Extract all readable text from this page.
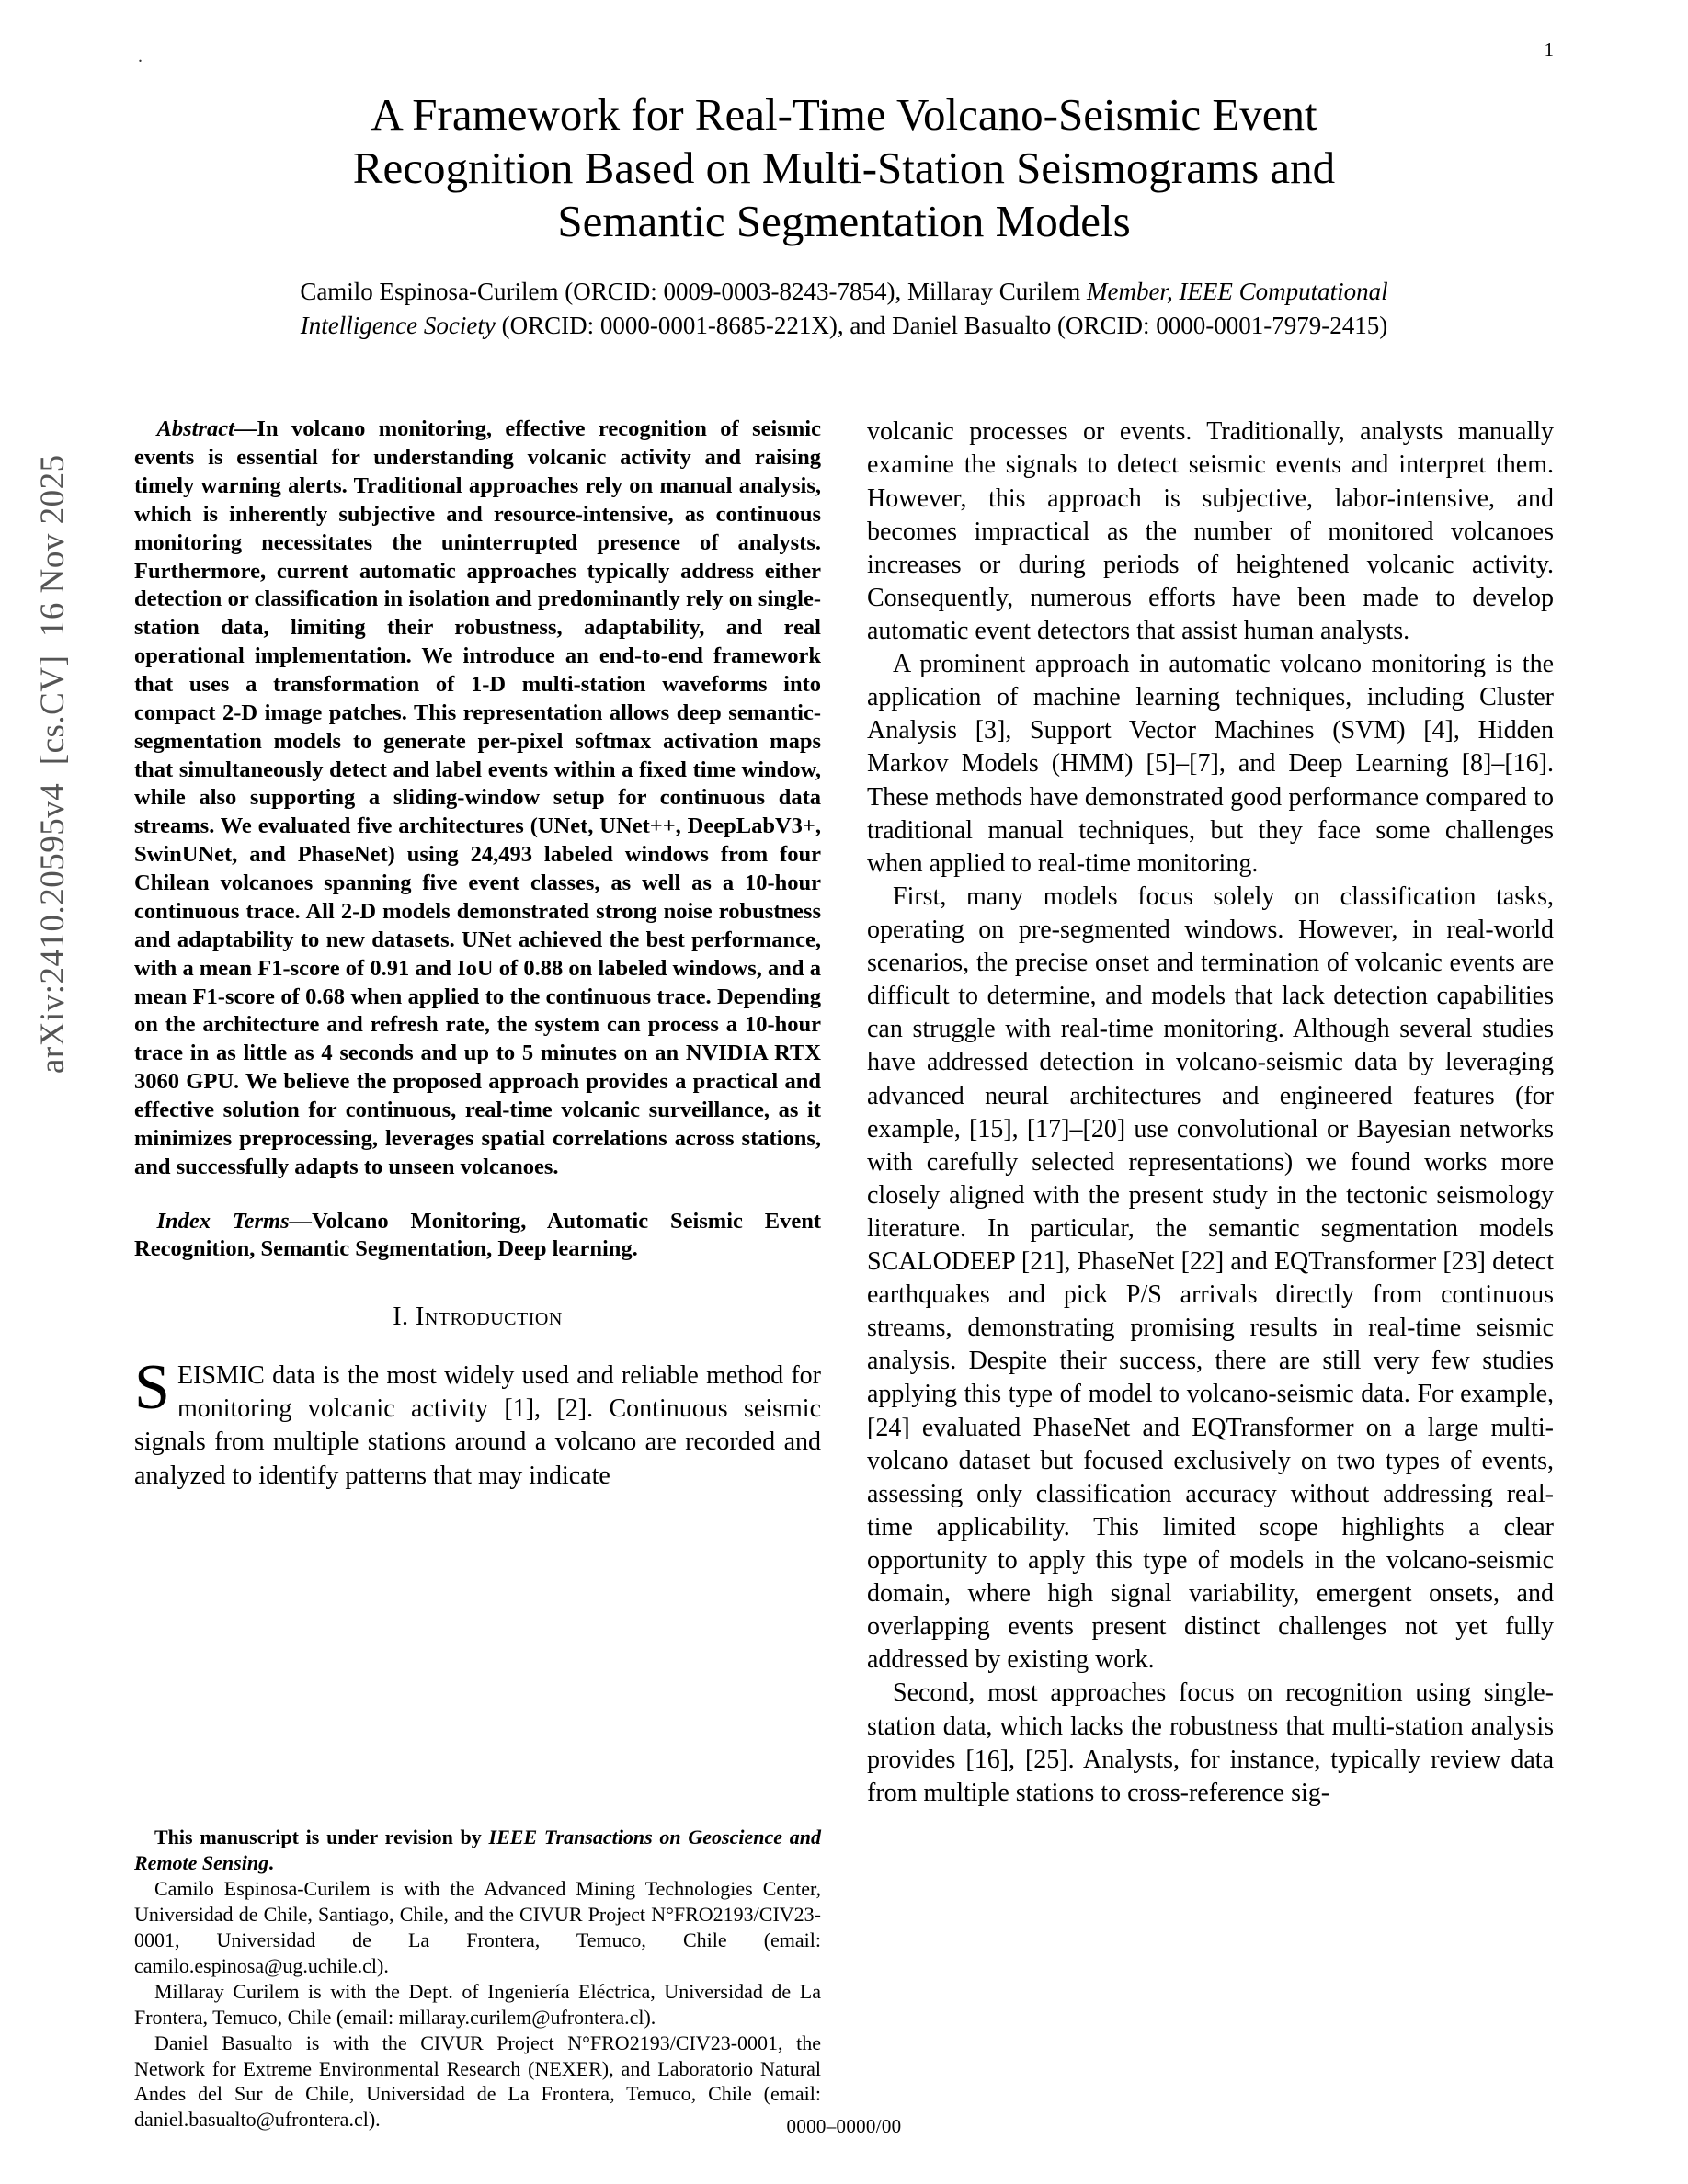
.	1
arXiv:2410.20595v4  [cs.CV]  16 Nov 2025
A Framework for Real-Time Volcano-Seismic Event Recognition Based on Multi-Station Seismograms and Semantic Segmentation Models

Camilo Espinosa-Curilem (ORCID: 0009-0003-8243-7854), Millaray Curilem Member, IEEE Computational Intelligence Society (ORCID: 0000-0001-8685-221X), and Daniel Basualto (ORCID: 0000-0001-7979-2415)

Abstract—In volcano monitoring, effective recognition of seismic events is essential for understanding volcanic activity and raising timely warning alerts. Traditional approaches rely on manual analysis, which is inherently subjective and resource-intensive, as continuous monitoring necessitates the uninterrupted presence of analysts. Furthermore, current automatic approaches typically address either detection or classification in isolation and predominantly rely on single-station data, limiting their robustness, adaptability, and real operational implementation. We introduce an end-to-end framework that uses a transformation of 1-D multi-station waveforms into compact 2-D image patches. This representation allows deep semantic-segmentation models to generate per-pixel softmax activation maps that simultaneously detect and label events within a fixed time window, while also supporting a sliding-window setup for continuous data streams. We evaluated five architectures (UNet, UNet++, DeepLabV3+, SwinUNet, and PhaseNet) using 24,493 labeled windows from four Chilean volcanoes spanning five event classes, as well as a 10-hour continuous trace. All 2-D models demonstrated strong noise robustness and adaptability to new datasets. UNet achieved the best performance, with a mean F1-score of 0.91 and IoU of 0.88 on labeled windows, and a mean F1-score of 0.68 when applied to the continuous trace. Depending on the architecture and refresh rate, the system can process a 10-hour trace in as little as 4 seconds and up to 5 minutes on an NVIDIA RTX 3060 GPU. We believe the proposed approach provides a practical and effective solution for continuous, real-time volcanic surveillance, as it minimizes preprocessing, leverages spatial correlations across stations, and successfully adapts to unseen volcanoes.

Index Terms—Volcano Monitoring, Automatic Seismic Event Recognition, Semantic Segmentation, Deep learning.

I. Introduction

SEISMIC data is the most widely used and reliable method for monitoring volcanic activity [1], [2]. Continuous seismic signals from multiple stations around a volcano are recorded and analyzed to identify patterns that may indicate

This manuscript is under revision by IEEE Transactions on Geoscience and Remote Sensing.

Camilo Espinosa-Curilem is with the Advanced Mining Technologies Center, Universidad de Chile, Santiago, Chile, and the CIVUR Project N°FRO2193/CIV23-0001, Universidad de La Frontera, Temuco, Chile (email: camilo.espinosa@ug.uchile.cl).

Millaray Curilem is with the Dept. of Ingeniería Eléctrica, Universidad de La Frontera, Temuco, Chile (email: millaray.curilem@ufrontera.cl).

Daniel Basualto is with the CIVUR Project N°FRO2193/CIV23-0001, the Network for Extreme Environmental Research (NEXER), and Laboratorio Natural Andes del Sur de Chile, Universidad de La Frontera, Temuco, Chile (email: daniel.basualto@ufrontera.cl).

volcanic processes or events. Traditionally, analysts manually examine the signals to detect seismic events and interpret them. However, this approach is subjective, labor-intensive, and becomes impractical as the number of monitored volcanoes increases or during periods of heightened volcanic activity. Consequently, numerous efforts have been made to develop automatic event detectors that assist human analysts.

A prominent approach in automatic volcano monitoring is the application of machine learning techniques, including Cluster Analysis [3], Support Vector Machines (SVM) [4], Hidden Markov Models (HMM) [5]–[7], and Deep Learning [8]–[16]. These methods have demonstrated good performance compared to traditional manual techniques, but they face some challenges when applied to real-time monitoring.

First, many models focus solely on classification tasks, operating on pre-segmented windows. However, in real-world scenarios, the precise onset and termination of volcanic events are difficult to determine, and models that lack detection capabilities can struggle with real-time monitoring. Although several studies have addressed detection in volcano-seismic data by leveraging advanced neural architectures and engineered features (for example, [15], [17]–[20] use convolutional or Bayesian networks with carefully selected representations) we found works more closely aligned with the present study in the tectonic seismology literature. In particular, the semantic segmentation models SCALODEEP [21], PhaseNet [22] and EQTransformer [23] detect earthquakes and pick P/S arrivals directly from continuous streams, demonstrating promising results in real-time seismic analysis. Despite their success, there are still very few studies applying this type of model to volcano-seismic data. For example, [24] evaluated PhaseNet and EQTransformer on a large multi-volcano dataset but focused exclusively on two types of events, assessing only classification accuracy without addressing real-time applicability. This limited scope highlights a clear opportunity to apply this type of models in the volcano-seismic domain, where high signal variability, emergent onsets, and overlapping events present distinct challenges not yet fully addressed by existing work.

Second, most approaches focus on recognition using single-station data, which lacks the robustness that multi-station analysis provides [16], [25]. Analysts, for instance, typically review data from multiple stations to cross-reference sig-

0000–0000/00
